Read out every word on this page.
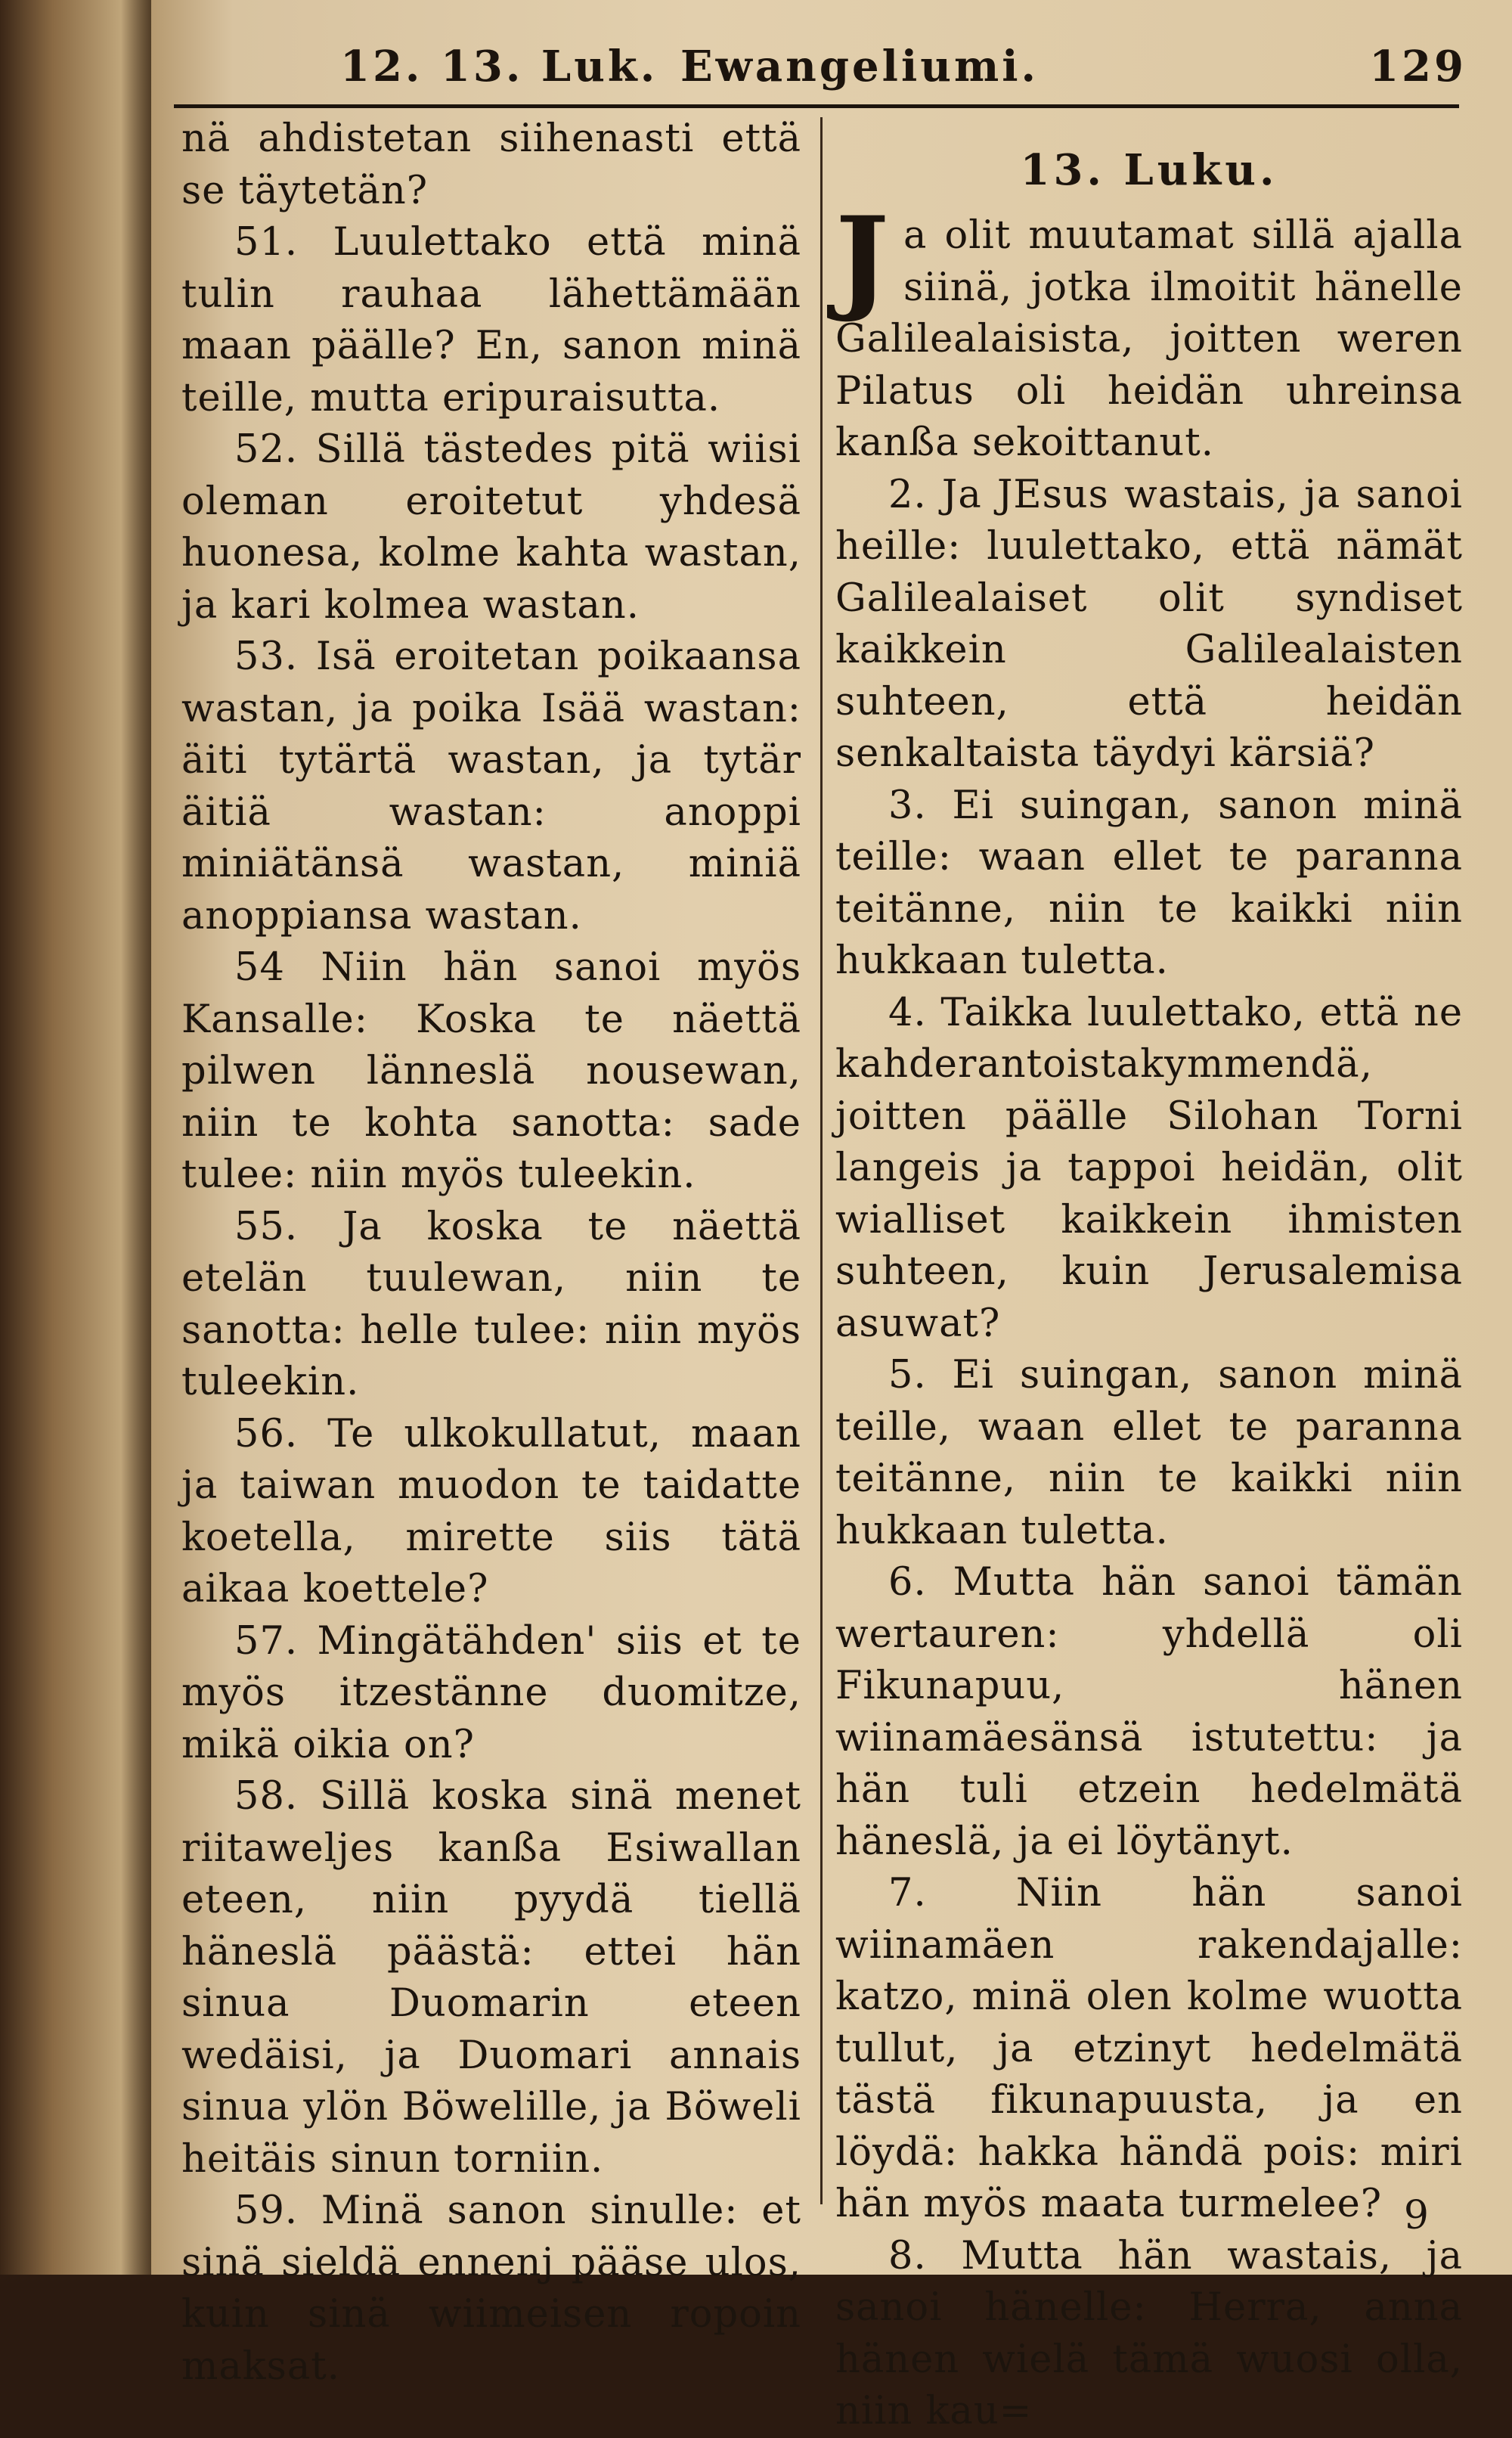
12. 13. Luk. Ewangeliumi.	129

nä ahdistetan siihenasti että se täytetän?

51. Luulettako että minä tulin rauhaa lähettämään maan päälle? En, sanon minä teille, mutta eripuraisutta.

52. Sillä tästedes pitä wiisi oleman eroitetut yhdesä huonesa, kolme kahta wastan, ja kari kolmea wastan.

53. Isä eroitetan poikaansa wastan, ja poika Isää wastan: äiti tytärtä wastan, ja tytär äitiä wastan: anoppi miniätänsä wastan, miniä anoppiansa wastan.

54 Niin hän sanoi myös Kansalle: Koska te näettä pilwen länneslä nousewan, niin te kohta sanotta: sade tulee: niin myös tuleekin.

55. Ja koska te näettä etelän tuulewan, niin te sanotta: helle tulee: niin myös tuleekin.

56. Te ulkokullatut, maan ja taiwan muodon te taidatte koetella, mirette siis tätä aikaa koettele?

57. Mingätähden' siis et te myös itzestänne duomitze, mikä oikia on?

58. Sillä koska sinä menet riitaweljes kanßa Esiwallan eteen, niin pyydä tiellä häneslä päästä: ettei hän sinua Duomarin eteen wedäisi, ja Duomari annais sinua ylön Böwelille, ja Böweli heitäis sinun torniin.

59. Minä sanon sinulle: et sinä sieldä ennenj pääse ulos, kuin sinä wiimeisen ropoin maksat.

13. Luku.

Ja olit muutamat sillä ajalla siinä, jotka ilmoitit hänelle Galilealaisista, joitten weren Pilatus oli heidän uhreinsa kanßa sekoittanut.

2. Ja JEsus wastais, ja sanoi heille: luulettako, että nämät Galilealaiset olit syndiset kaikkein Galilealaisten suhteen, että heidän senkaltaista täydyi kärsiä?

3. Ei suingan, sanon minä teille: waan ellet te paranna teitänne, niin te kaikki niin hukkaan tuletta.

4. Taikka luulettako, että ne kahderantoistakymmendä, joitten päälle Silohan Torni langeis ja tappoi heidän, olit wialliset kaikkein ihmisten suhteen, kuin Jerusalemisa asuwat?

5. Ei suingan, sanon minä teille, waan ellet te paranna teitänne, niin te kaikki niin hukkaan tuletta.

6. Mutta hän sanoi tämän wertauren: yhdellä oli Fikunapuu, hänen wiinamäesänsä istutettu: ja hän tuli etzein hedelmätä häneslä, ja ei löytänyt.

7. Niin hän sanoi wiinamäen rakendajalle: katzo, minä olen kolme wuotta tullut, ja etzinyt hedelmätä tästä fikunapuusta, ja en löydä: hakka händä pois: miri hän myös maata turmelee?

8. Mutta hän wastais, ja sanoi hänelle: Herra, anna hänen wielä tämä wuosi olla, niin kau=

9
